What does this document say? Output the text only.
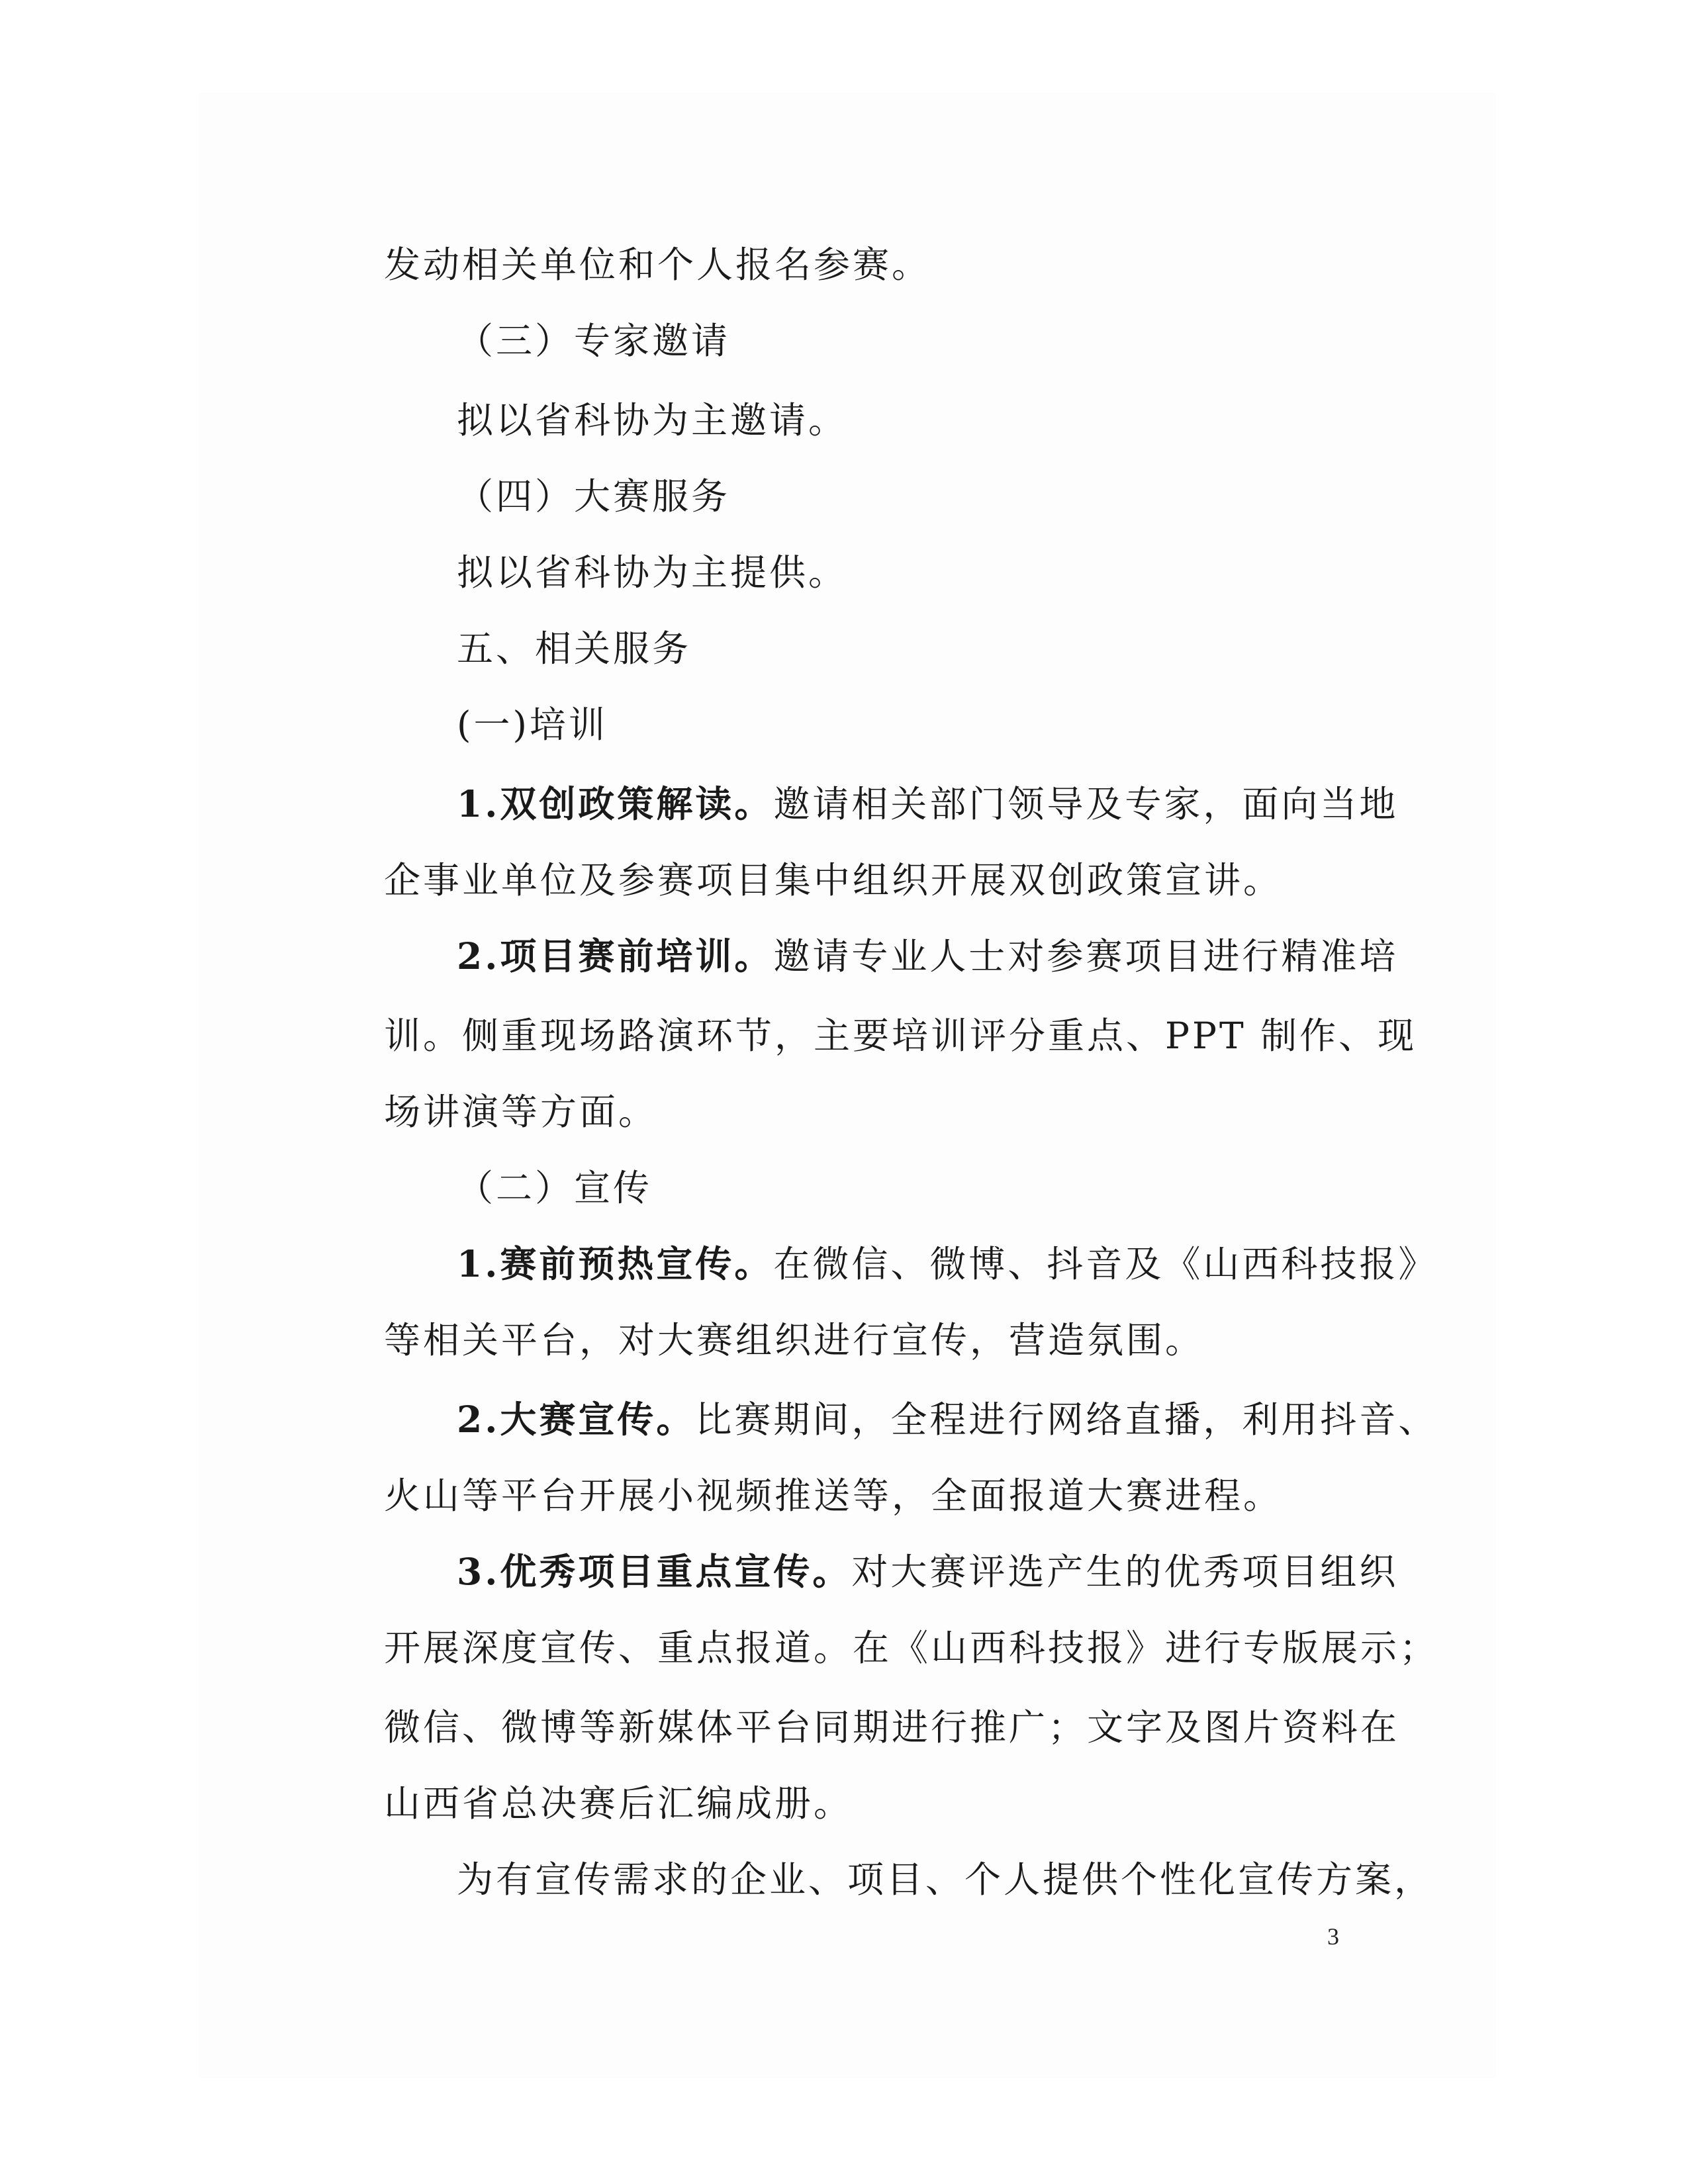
发动相关单位和个人报名参赛。
（三）专家邀请
拟以省科协为主邀请。
（四）大赛服务
拟以省科协为主提供。
五、相关服务
(一)培训
1.双创政策解读。邀请相关部门领导及专家，面向当地
企事业单位及参赛项目集中组织开展双创政策宣讲。
2.项目赛前培训。邀请专业人士对参赛项目进行精准培
训。侧重现场路演环节，主要培训评分重点、PPT 制作、现
场讲演等方面。
（二）宣传
1.赛前预热宣传。在微信、微博、抖音及《山西科技报》
等相关平台，对大赛组织进行宣传，营造氛围。
2.大赛宣传。比赛期间，全程进行网络直播，利用抖音、
火山等平台开展小视频推送等，全面报道大赛进程。
3.优秀项目重点宣传。对大赛评选产生的优秀项目组织
开展深度宣传、重点报道。在《山西科技报》进行专版展示；
微信、微博等新媒体平台同期进行推广；文字及图片资料在
山西省总决赛后汇编成册。
为有宣传需求的企业、项目、个人提供个性化宣传方案，
3
